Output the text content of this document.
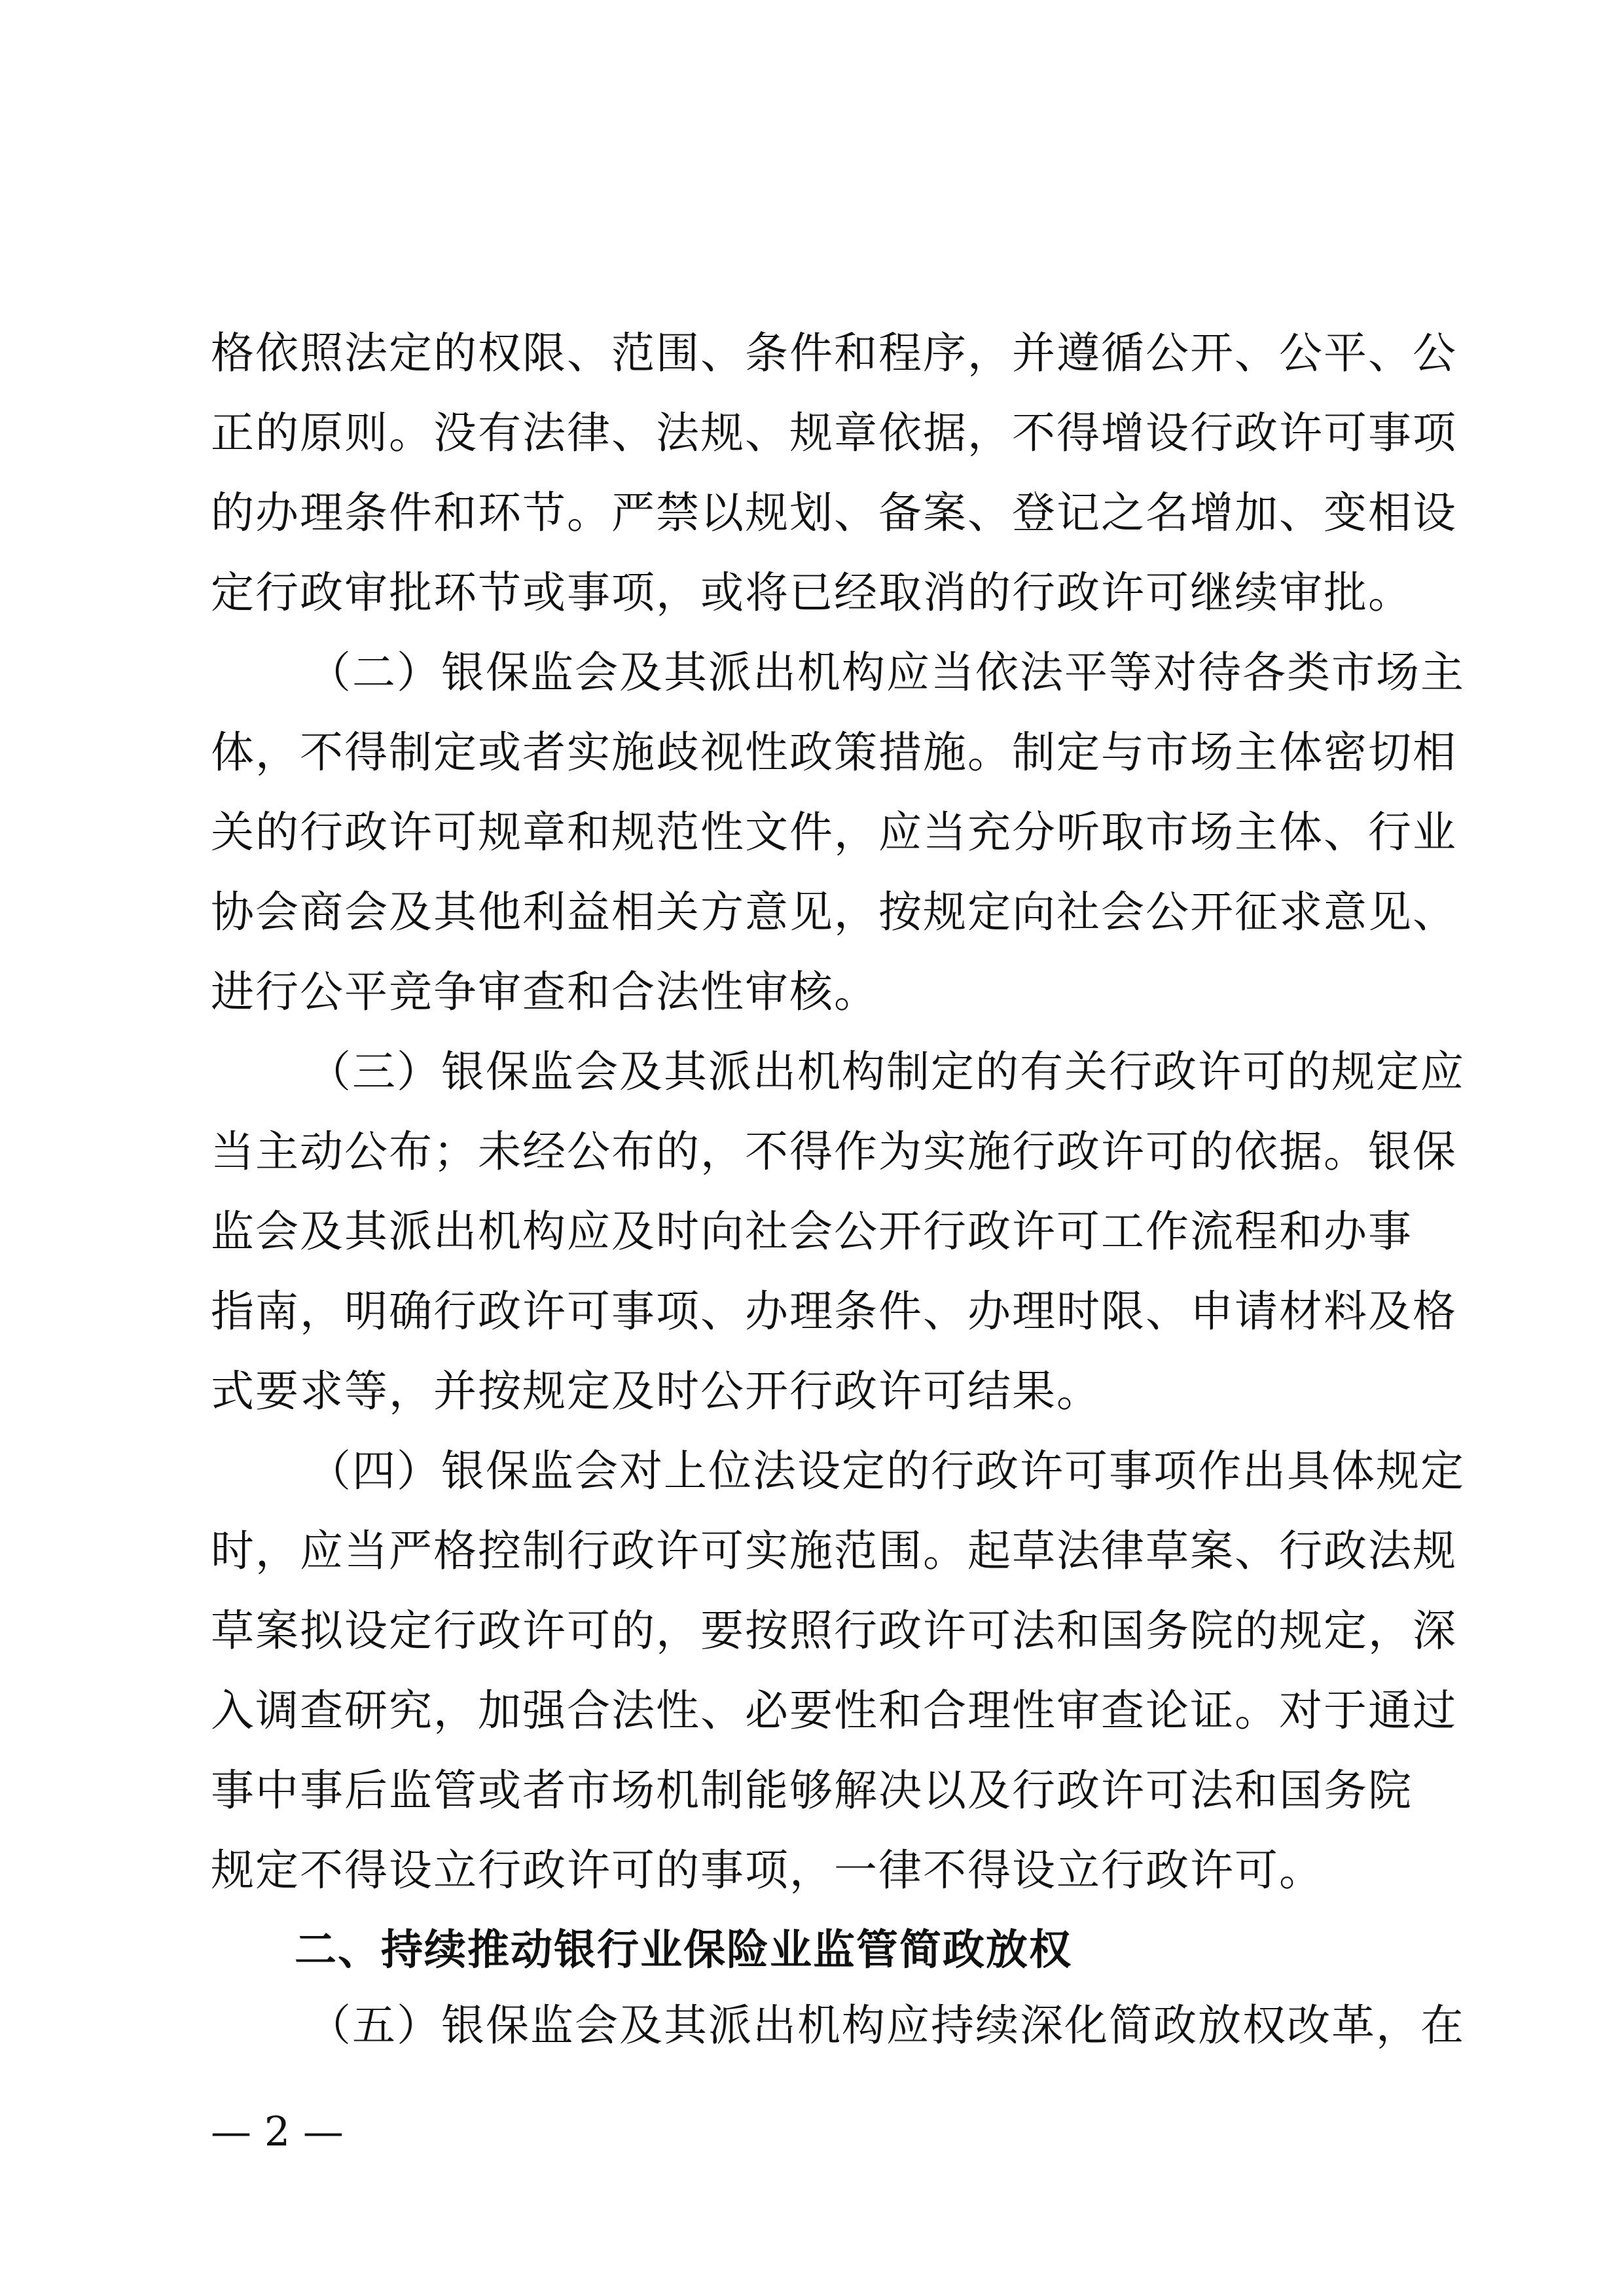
格依照法定的权限、范围、条件和程序，并遵循公开、公平、公
正的原则。没有法律、法规、规章依据，不得增设行政许可事项
的办理条件和环节。严禁以规划、备案、登记之名增加、变相设
定行政审批环节或事项，或将已经取消的行政许可继续审批。
（二）银保监会及其派出机构应当依法平等对待各类市场主
体，不得制定或者实施歧视性政策措施。制定与市场主体密切相
关的行政许可规章和规范性文件，应当充分听取市场主体、行业
协会商会及其他利益相关方意见，按规定向社会公开征求意见、
进行公平竞争审查和合法性审核。
（三）银保监会及其派出机构制定的有关行政许可的规定应
当主动公布；未经公布的，不得作为实施行政许可的依据。银保
监会及其派出机构应及时向社会公开行政许可工作流程和办事
指南，明确行政许可事项、办理条件、办理时限、申请材料及格
式要求等，并按规定及时公开行政许可结果。
（四）银保监会对上位法设定的行政许可事项作出具体规定
时，应当严格控制行政许可实施范围。起草法律草案、行政法规
草案拟设定行政许可的，要按照行政许可法和国务院的规定，深
入调查研究，加强合法性、必要性和合理性审查论证。对于通过
事中事后监管或者市场机制能够解决以及行政许可法和国务院
规定不得设立行政许可的事项，一律不得设立行政许可。
二、持续推动银行业保险业监管简政放权
（五）银保监会及其派出机构应持续深化简政放权改革，在
— 2 —
